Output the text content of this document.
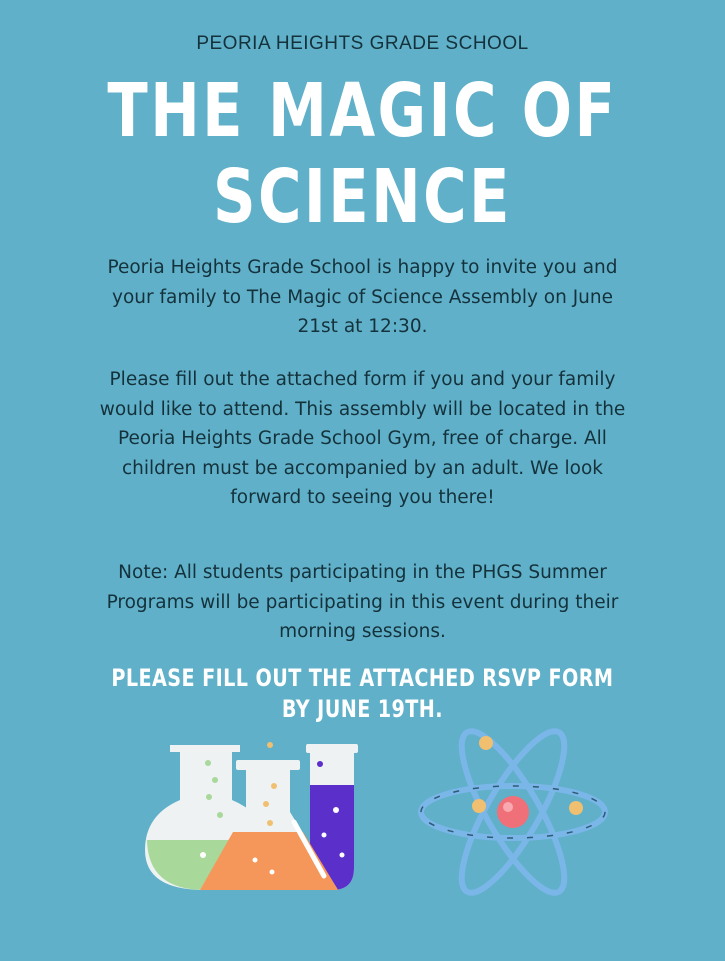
PEORIA HEIGHTS GRADE SCHOOL
THE MAGIC OF
SCIENCE

Peoria Heights Grade School is happy to invite you and your family to The Magic of Science Assembly on June 21st at 12:30.

Please fill out the attached form if you and your family would like to attend. This assembly will be located in the Peoria Heights Grade School Gym, free of charge. All children must be accompanied by an adult. We look forward to seeing you there!

Note: All students participating in the PHGS Summer Programs will be participating in this event during their morning sessions.

PLEASE FILL OUT THE ATTACHED RSVP FORM
BY JUNE 19TH.
